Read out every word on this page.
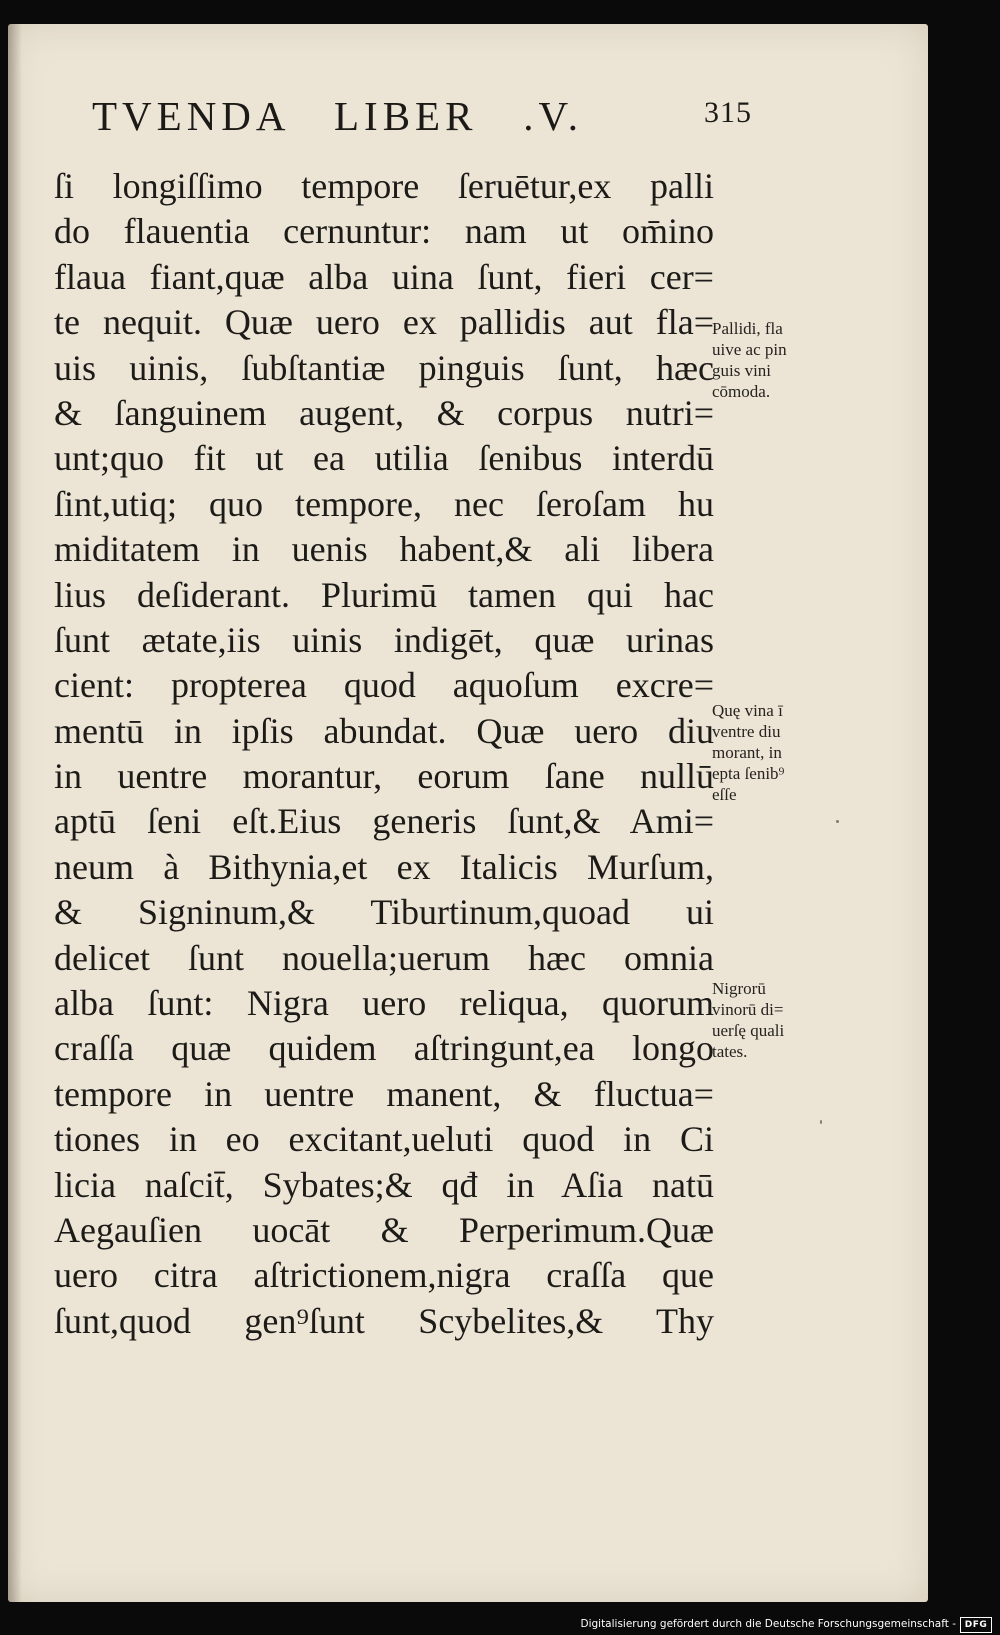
TVENDA   LIBER   .V.	315
ſi longiſſimo tempore ſeruētur,ex palli
do flauentia cernuntur: nam ut om̄ino
flaua fiant,quæ alba uina ſunt, fieri cer=
te nequit. Quæ uero ex pallidis aut fla=
uis uinis, ſubſtantiæ pinguis ſunt, hæc
& ſanguinem augent, & corpus nutri=
unt;quo fit ut ea utilia ſenibus interdū
ſint,utiq; quo tempore, nec ſeroſam hu
miditatem in uenis habent,& ali libera
lius deſiderant. Plurimū tamen qui hac
ſunt ætate,iis uinis indigēt, quæ urinas
cient: propterea quod aquoſum excre=
mentū in ipſis abundat. Quæ uero diu
in uentre morantur, eorum ſane nullū
aptū ſeni eſt.Eius generis ſunt,& Ami=
neum à Bithynia,et ex Italicis Murſum,
& Signinum,& Tiburtinum,quoad ui
delicet ſunt nouella;uerum hæc omnia
alba ſunt: Nigra uero reliqua, quorum
craſſa quæ quidem aſtringunt,ea longo
tempore in uentre manent, & fluctua=
tiones in eo excitant,ueluti quod in Ci
licia naſcit̄, Sybates;& qđ in Aſia natū
Aegauſien uocāt & Perperimum.Quæ
uero citra aſtrictionem,nigra craſſa que
ſunt,quod gen⁹ſunt Scybelites,& Thy
Pallidi, fla
uive ac pin
guis vini
cōmoda.
Quę vina ī
ventre diu
morant, in
epta ſenib⁹
eſſe
Nigrorū
vinorū di=
uerſę quali
tates.
Digitalisierung gefördert durch die Deutsche Forschungsgemeinschaft - DFG
